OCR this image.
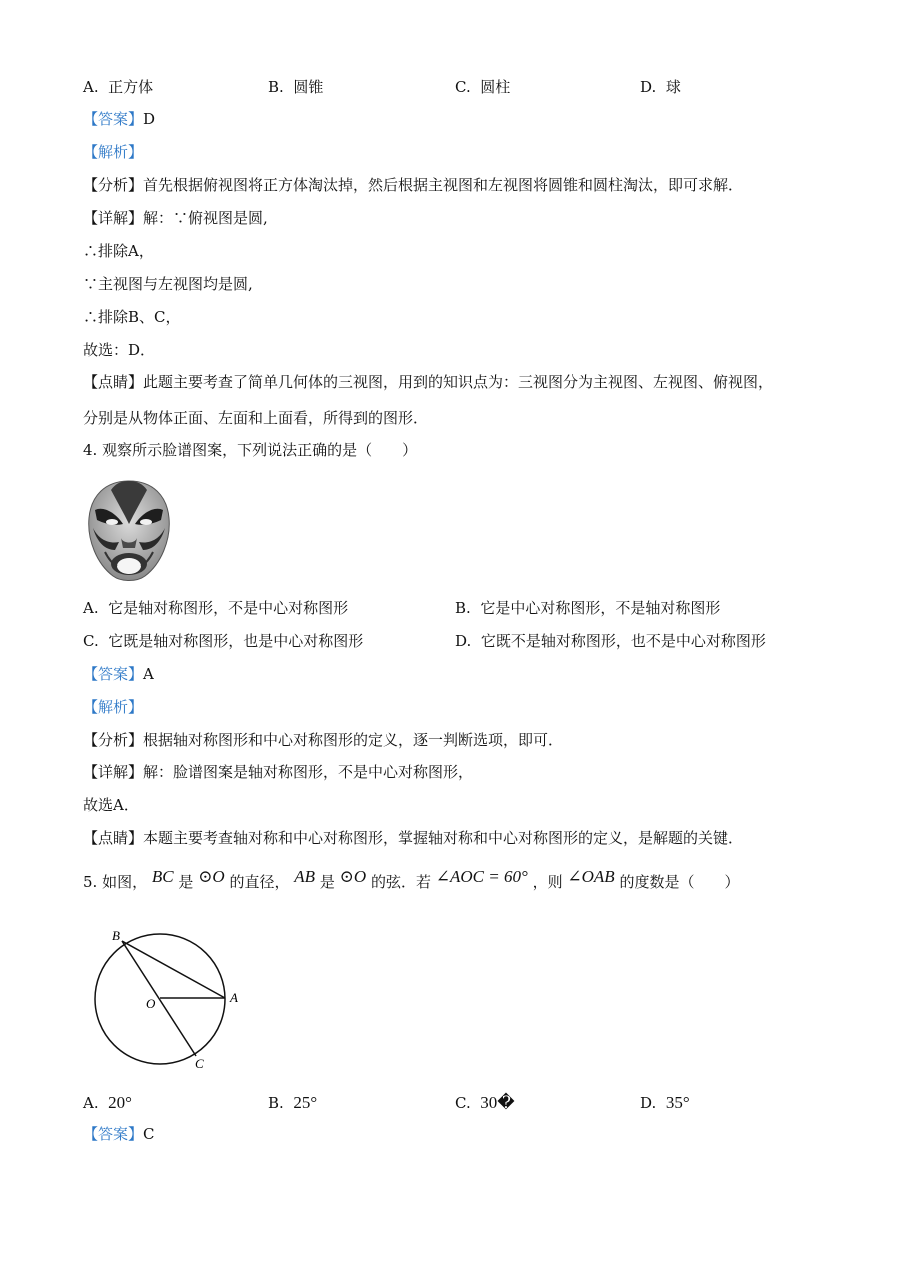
A. 正方体	B. 圆锥	C. 圆柱	D. 球
【答案】D
【解析】
【分析】首先根据俯视图将正方体淘汰掉，然后根据主视图和左视图将圆锥和圆柱淘汰，即可求解．
【详解】解：∵俯视图是圆,
∴排除A，
∵主视图与左视图均是圆,
∴排除B、C，
故选：D．
【点睛】此题主要考查了简单几何体的三视图，用到的知识点为：三视图分为主视图、左视图、俯视图，
分别是从物体正面、左面和上面看，所得到的图形．
4. 观察所示脸谱图案，下列说法正确的是（　　）
A. 它是轴对称图形，不是中心对称图形	B. 它是中心对称图形，不是轴对称图形
C. 它既是轴对称图形，也是中心对称图形	D. 它既不是轴对称图形，也不是中心对称图形
【答案】A
【解析】
【分析】根据轴对称图形和中心对称图形的定义，逐一判断选项，即可．
【详解】解：脸谱图案是轴对称图形，不是中心对称图形，
故选A．
【点睛】本题主要考查轴对称和中心对称图形，掌握轴对称和中心对称图形的定义，是解题的关键．
5. 如图， BC 是 ⊙O 的直径， AB 是 ⊙O 的弦．若 ∠AOC = 60° ，则 ∠OAB 的度数是（　　）
B
O	A
C
A. 20°	B. 25°	C. 30�	D. 35°
【答案】C
